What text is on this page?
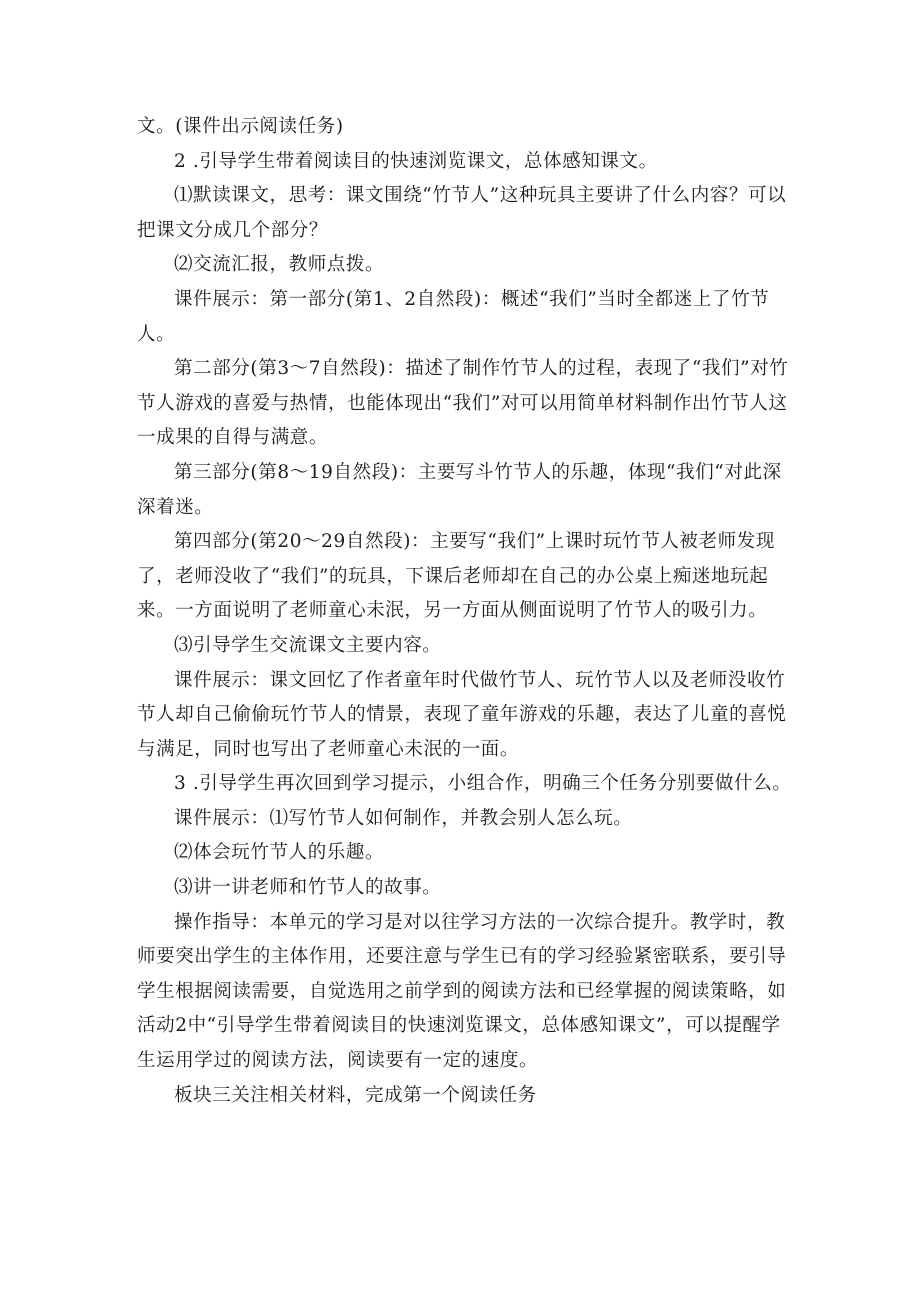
文。(课件出示阅读任务)

2 .引导学生带着阅读目的快速浏览课文，总体感知课文。

⑴默读课文，思考：课文围绕“竹节人”这种玩具主要讲了什么内容？可以把课文分成几个部分？

⑵交流汇报，教师点拨。

课件展示：第一部分(第1、2自然段)：概述“我们”当时全都迷上了竹节人。

第二部分(第3〜7自然段)：描述了制作竹节人的过程，表现了“我们”对竹节人游戏的喜爱与热情，也能体现出“我们”对可以用简单材料制作出竹节人这一成果的自得与满意。

第三部分(第8〜19自然段)：主要写斗竹节人的乐趣，体现“我们“对此深深着迷。

第四部分(第20〜29自然段)：主要写“我们”上课时玩竹节人被老师发现了，老师没收了“我们”的玩具，下课后老师却在自己的办公桌上痴迷地玩起来。一方面说明了老师童心未泯，另一方面从侧面说明了竹节人的吸引力。

⑶引导学生交流课文主要内容。

课件展示：课文回忆了作者童年时代做竹节人、玩竹节人以及老师没收竹节人却自己偷偷玩竹节人的情景，表现了童年游戏的乐趣，表达了儿童的喜悦与满足，同时也写出了老师童心未泯的一面。

3 .引导学生再次回到学习提示，小组合作，明确三个任务分别要做什么。

课件展示：⑴写竹节人如何制作，并教会别人怎么玩。

⑵体会玩竹节人的乐趣。

⑶讲一讲老师和竹节人的故事。

操作指导：本单元的学习是对以往学习方法的一次综合提升。教学时，教师要突出学生的主体作用，还要注意与学生已有的学习经验紧密联系，要引导学生根据阅读需要，自觉选用之前学到的阅读方法和已经掌握的阅读策略，如活动2中“引导学生带着阅读目的快速浏览课文，总体感知课文”，可以提醒学生运用学过的阅读方法，阅读要有一定的速度。

板块三关注相关材料，完成第一个阅读任务
